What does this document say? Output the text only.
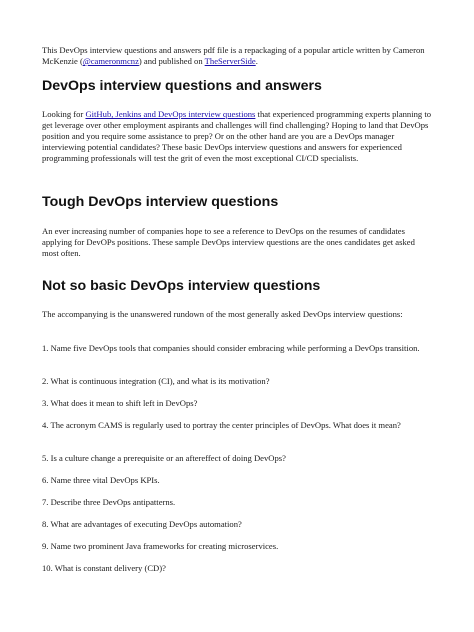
This DevOps interview questions and answers pdf file is a repackaging of a popular article written by Cameron McKenzie (@cameronmcnz) and published on TheServerSide.

DevOps interview questions and answers

Looking for GitHub, Jenkins and DevOps interview questions that experienced programming experts planning to get leverage over other employment aspirants and challenges will find challenging? Hoping to land that DevOps position and you require some assistance to prep? Or on the other hand are you are a DevOps manager interviewing potential candidates? These basic DevOps interview questions and answers for experienced programming professionals will test the grit of even the most exceptional CI/CD specialists.

Tough DevOps interview questions

An ever increasing number of companies hope to see a reference to DevOps on the resumes of candidates applying for DevOPs positions. These sample DevOps interview questions are the ones candidates get asked most often.

Not so basic DevOps interview questions

The accompanying is the unanswered rundown of the most generally asked DevOps interview questions:

1. Name five DevOps tools that companies should consider embracing while performing a DevOps transition.

2. What is continuous integration (CI), and what is its motivation?

3. What does it mean to shift left in DevOps?

4. The acronym CAMS is regularly used to portray the center principles of DevOps. What does it mean?

5. Is a culture change a prerequisite or an aftereffect of doing DevOps?

6. Name three vital DevOps KPIs.

7. Describe three DevOps antipatterns.

8. What are advantages of executing DevOps automation?

9. Name two prominent Java frameworks for creating microservices.

10. What is constant delivery (CD)?
